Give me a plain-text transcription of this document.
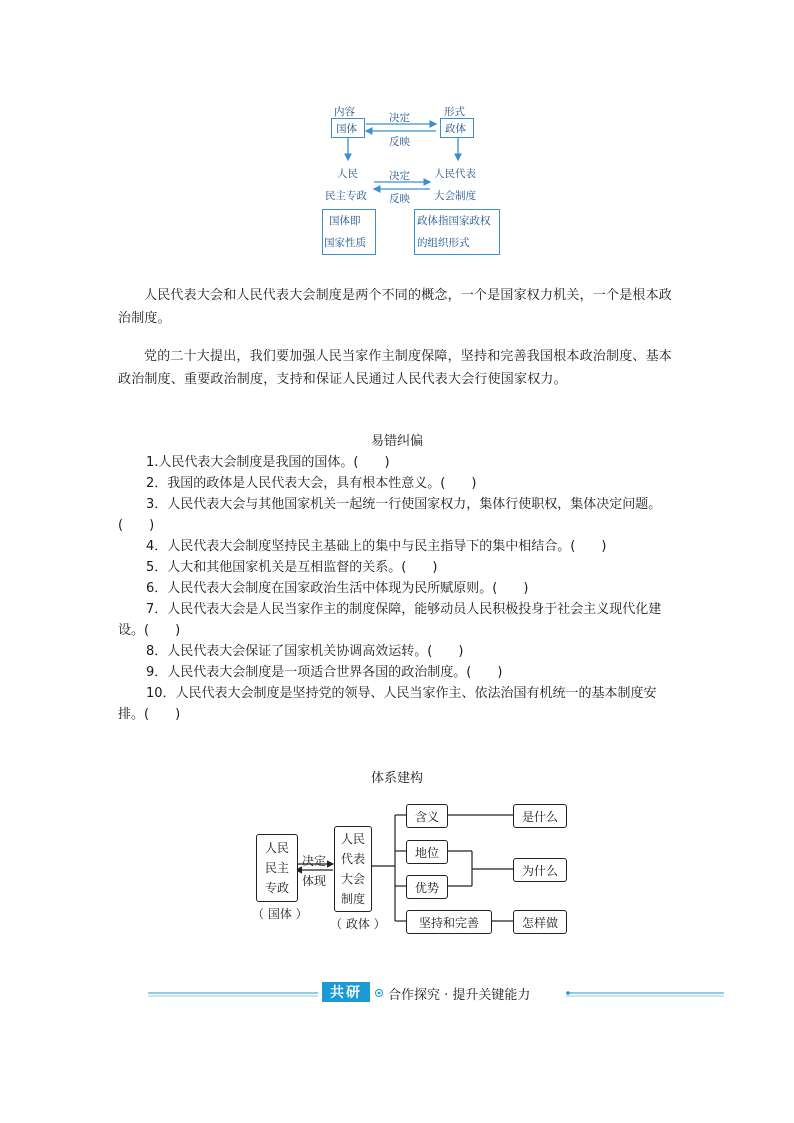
内容	形式
国体	政体
决定
反映
人民
民主专政
人民代表
大会制度
决定
反映
国体即
国家性质
政体指国家政权
的组织形式

人民代表大会和人民代表大会制度是两个不同的概念，一个是国家权力机关，一个是根本政治制度。

党的二十大提出，我们要加强人民当家作主制度保障，坚持和完善我国根本政治制度、基本政治制度、重要政治制度，支持和保证人民通过人民代表大会行使国家权力。

易错纠偏
1.人民代表大会制度是我国的国体。(　　)
2．我国的政体是人民代表大会，具有根本性意义。(　　)
3．人民代表大会与其他国家机关一起统一行使国家权力，集体行使职权，集体决定问题。(　　)
4．人民代表大会制度坚持民主基础上的集中与民主指导下的集中相结合。(　　)
5．人大和其他国家机关是互相监督的关系。(　　)
6．人民代表大会制度在国家政治生活中体现为民所赋原则。(　　)
7．人民代表大会是人民当家作主的制度保障，能够动员人民积极投身于社会主义现代化建设。(　　)
8．人民代表大会保证了国家机关协调高效运转。(　　)
9．人民代表大会制度是一项适合世界各国的政治制度。(　　)
10．人民代表大会制度是坚持党的领导、人民当家作主、依法治国有机统一的基本制度安排。(　　)
体系建构
人民
民主
专政
（ 国体 ）
决定
体现
人民
代表
大会
制度
（ 政体 ）
含义
地位
优势
坚持和完善
是什么
为什么
怎样做
共研	合作探究 · 提升关键能力
